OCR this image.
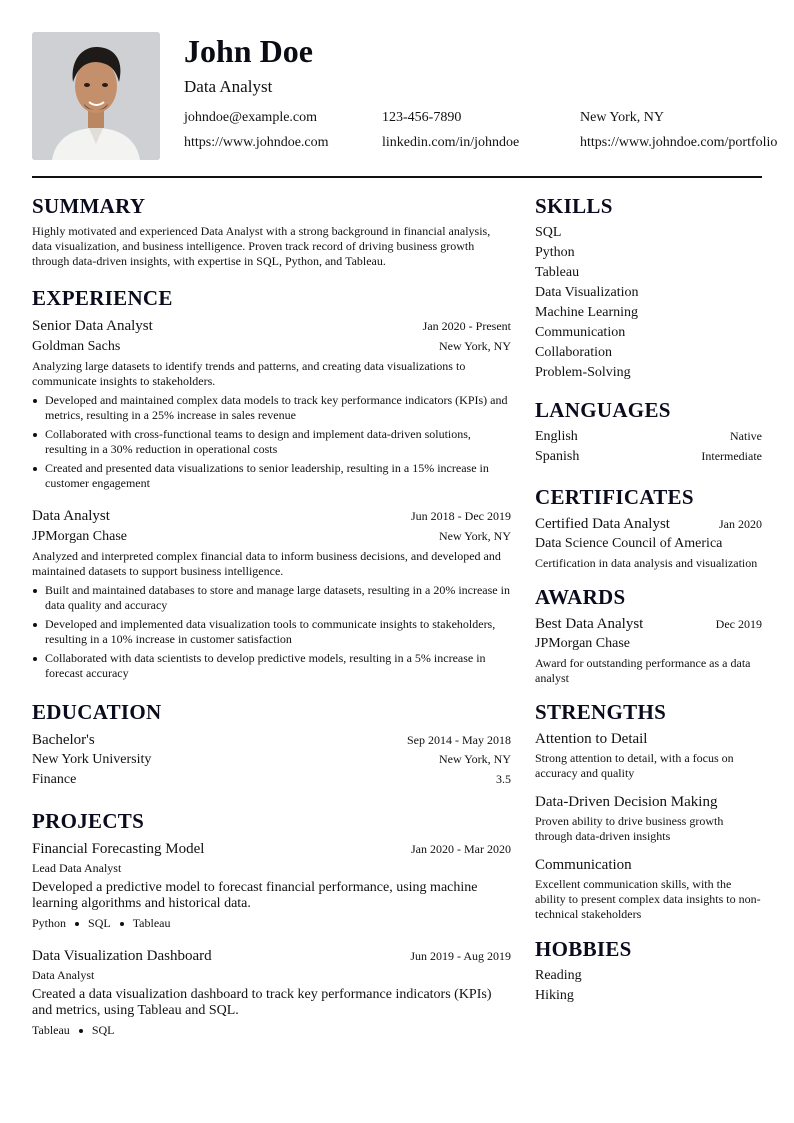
John Doe
Data Analyst
johndoe@example.com	123-456-7890	New York, NY
https://www.johndoe.com	linkedin.com/in/johndoe	https://www.johndoe.com/portfolio
SUMMARY
Highly motivated and experienced Data Analyst with a strong background in financial analysis, data visualization, and business intelligence. Proven track record of driving business growth through data-driven insights, with expertise in SQL, Python, and Tableau.
EXPERIENCE
Senior Data Analyst	Jan 2020 - Present
Goldman Sachs	New York, NY
Analyzing large datasets to identify trends and patterns, and creating data visualizations to communicate insights to stakeholders.
Developed and maintained complex data models to track key performance indicators (KPIs) and metrics, resulting in a 25% increase in sales revenue
Collaborated with cross-functional teams to design and implement data-driven solutions, resulting in a 30% reduction in operational costs
Created and presented data visualizations to senior leadership, resulting in a 15% increase in customer engagement
Data Analyst	Jun 2018 - Dec 2019
JPMorgan Chase	New York, NY
Analyzed and interpreted complex financial data to inform business decisions, and developed and maintained datasets to support business intelligence.
Built and maintained databases to store and manage large datasets, resulting in a 20% increase in data quality and accuracy
Developed and implemented data visualization tools to communicate insights to stakeholders, resulting in a 10% increase in customer satisfaction
Collaborated with data scientists to develop predictive models, resulting in a 5% increase in forecast accuracy
EDUCATION
Bachelor's	Sep 2014 - May 2018
New York University	New York, NY
Finance	3.5
PROJECTS
Financial Forecasting Model	Jan 2020 - Mar 2020
Lead Data Analyst
Developed a predictive model to forecast financial performance, using machine learning algorithms and historical data.
Python SQL Tableau
Data Visualization Dashboard	Jun 2019 - Aug 2019
Data Analyst
Created a data visualization dashboard to track key performance indicators (KPIs) and metrics, using Tableau and SQL.
Tableau SQL
SKILLS
SQL
Python
Tableau
Data Visualization
Machine Learning
Communication
Collaboration
Problem-Solving
LANGUAGES
English	Native
Spanish	Intermediate
CERTIFICATES
Certified Data Analyst	Jan 2020
Data Science Council of America
Certification in data analysis and visualization
AWARDS
Best Data Analyst	Dec 2019
JPMorgan Chase
Award for outstanding performance as a data analyst
STRENGTHS
Attention to Detail
Strong attention to detail, with a focus on accuracy and quality
Data-Driven Decision Making
Proven ability to drive business growth through data-driven insights
Communication
Excellent communication skills, with the ability to present complex data insights to non-technical stakeholders
HOBBIES
Reading
Hiking
